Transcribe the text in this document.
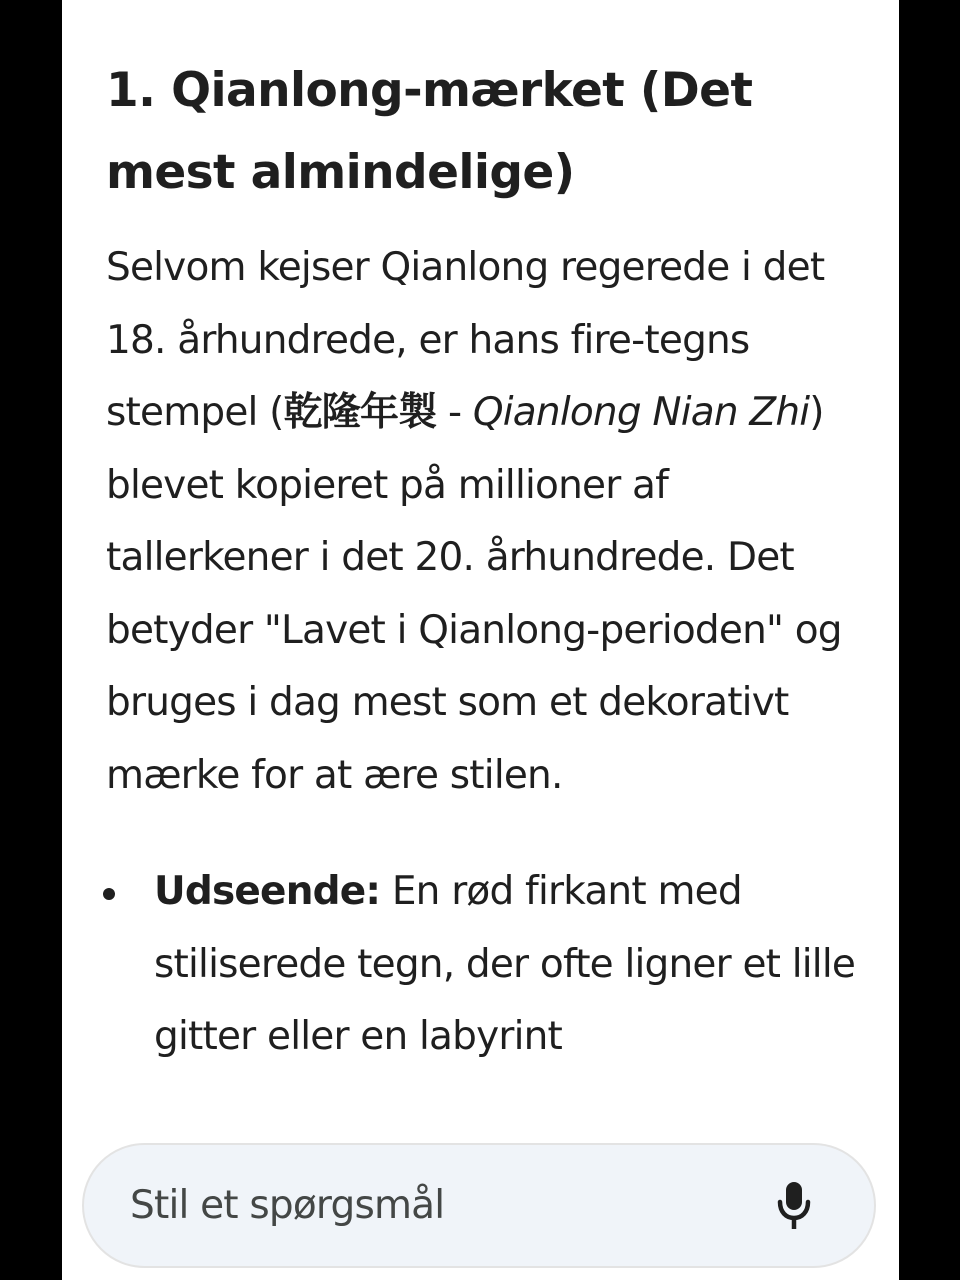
1. Qianlong-mærket (Det mest almindelige)

Selvom kejser Qianlong regerede i det 18. århundrede, er hans fire-tegns stempel (乾隆年製 - Qianlong Nian Zhi) blevet kopieret på millioner af tallerkener i det 20. århundrede. Det betyder "Lavet i Qianlong-perioden" og bruges i dag mest som et dekorativt mærke for at ære stilen.

Udseende: En rød firkant med stiliserede tegn, der ofte ligner et lille gitter eller en labyrint
Stil et spørgsmål
